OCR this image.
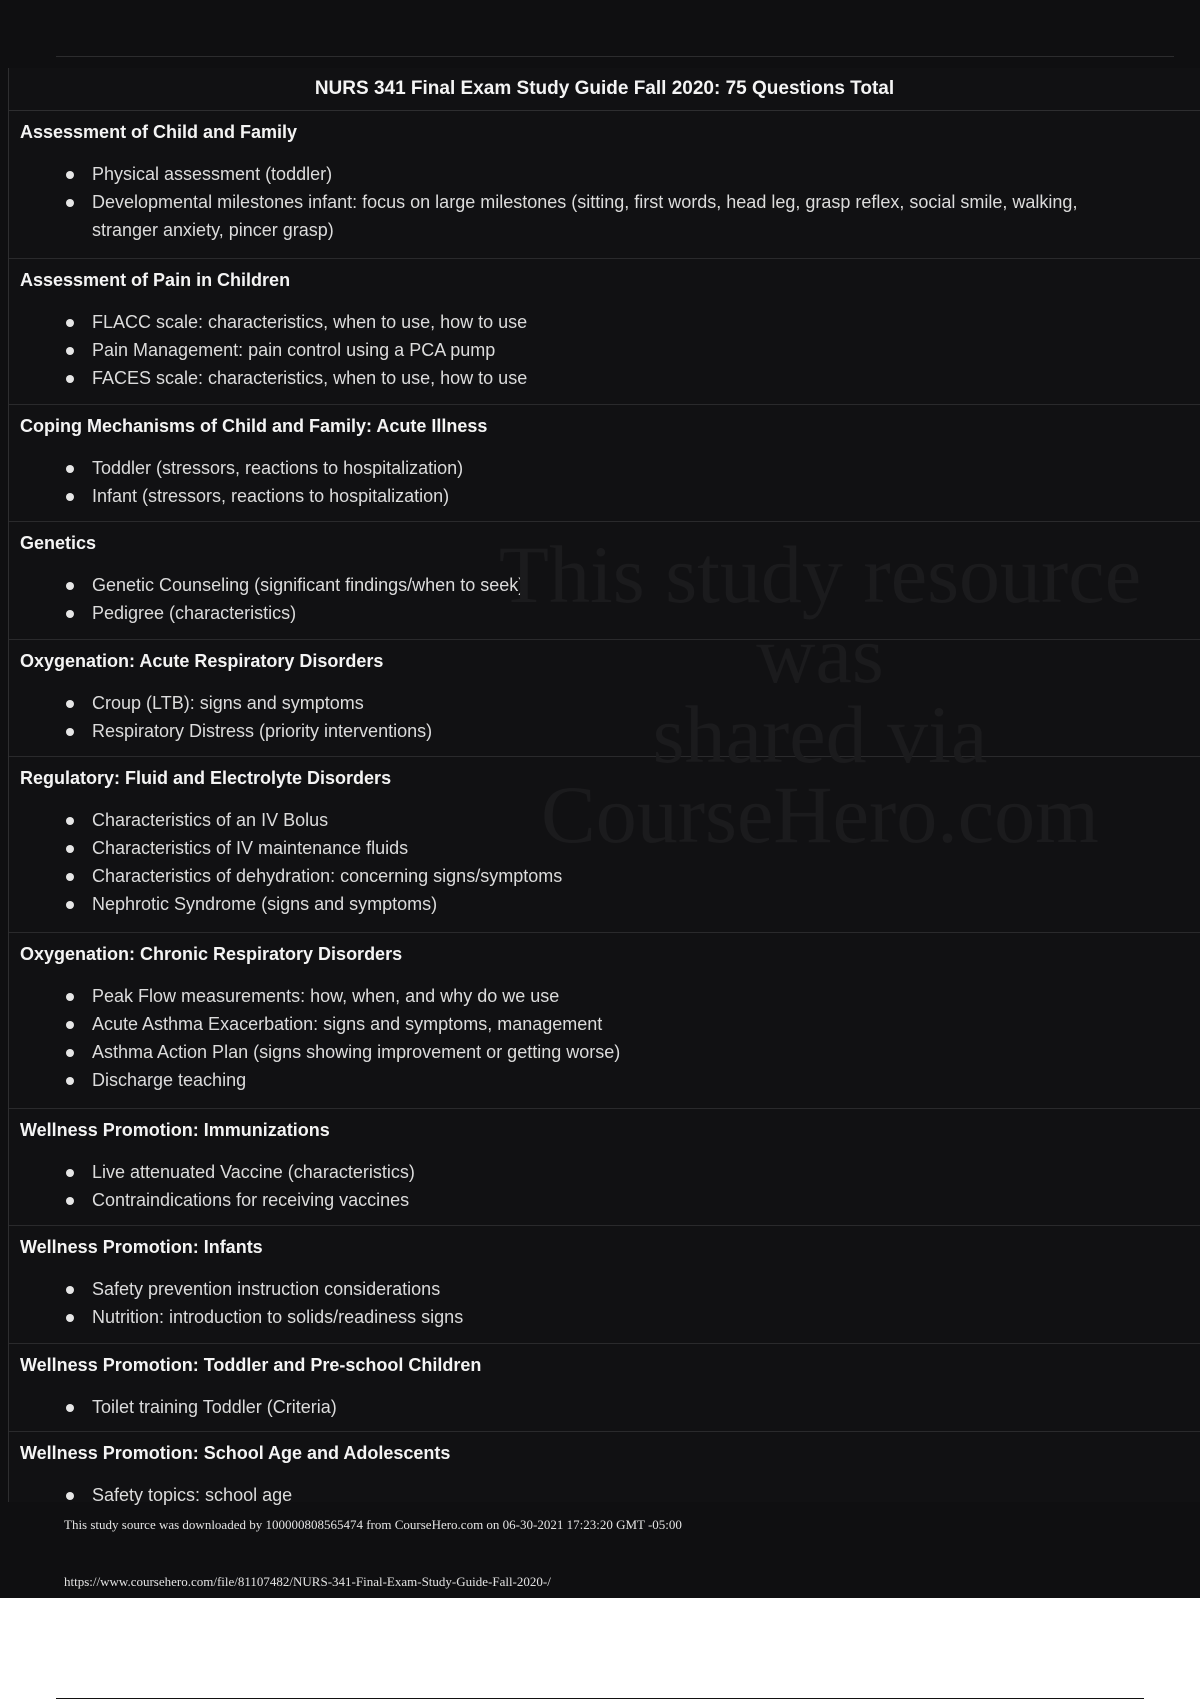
NURS 341 Final Exam Study Guide Fall 2020: 75 Questions Total
Assessment of Child and Family
Physical assessment (toddler)
Developmental milestones infant: focus on large milestones (sitting, first words, head leg, grasp reflex, social smile, walking, stranger anxiety, pincer grasp)
Assessment of Pain in Children
FLACC scale: characteristics, when to use, how to use
Pain Management: pain control using a PCA pump
FACES scale: characteristics, when to use, how to use
Coping Mechanisms of Child and Family: Acute Illness
Toddler (stressors, reactions to hospitalization)
Infant (stressors, reactions to hospitalization)
Genetics
Genetic Counseling (significant findings/when to seek)
Pedigree (characteristics)
Oxygenation: Acute Respiratory Disorders
Croup (LTB): signs and symptoms
Respiratory Distress (priority interventions)
Regulatory: Fluid and Electrolyte Disorders
Characteristics of an IV Bolus
Characteristics of IV maintenance fluids
Characteristics of dehydration: concerning signs/symptoms
Nephrotic Syndrome (signs and symptoms)
Oxygenation: Chronic Respiratory Disorders
Peak Flow measurements: how, when, and why do we use
Acute Asthma Exacerbation: signs and symptoms, management
Asthma Action Plan (signs showing improvement or getting worse)
Discharge teaching
Wellness Promotion: Immunizations
Live attenuated Vaccine (characteristics)
Contraindications for receiving vaccines
Wellness Promotion: Infants
Safety prevention instruction considerations
Nutrition: introduction to solids/readiness signs
Wellness Promotion: Toddler and Pre-school Children
Toilet training Toddler (Criteria)
Wellness Promotion: School Age and Adolescents
Safety topics: school age
This study resource was
shared via
CourseHero.com
This study source was downloaded by 100000808565474 from CourseHero.com on 06-30-2021 17:23:20 GMT -05:00
https://www.coursehero.com/file/81107482/NURS-341-Final-Exam-Study-Guide-Fall-2020-/
